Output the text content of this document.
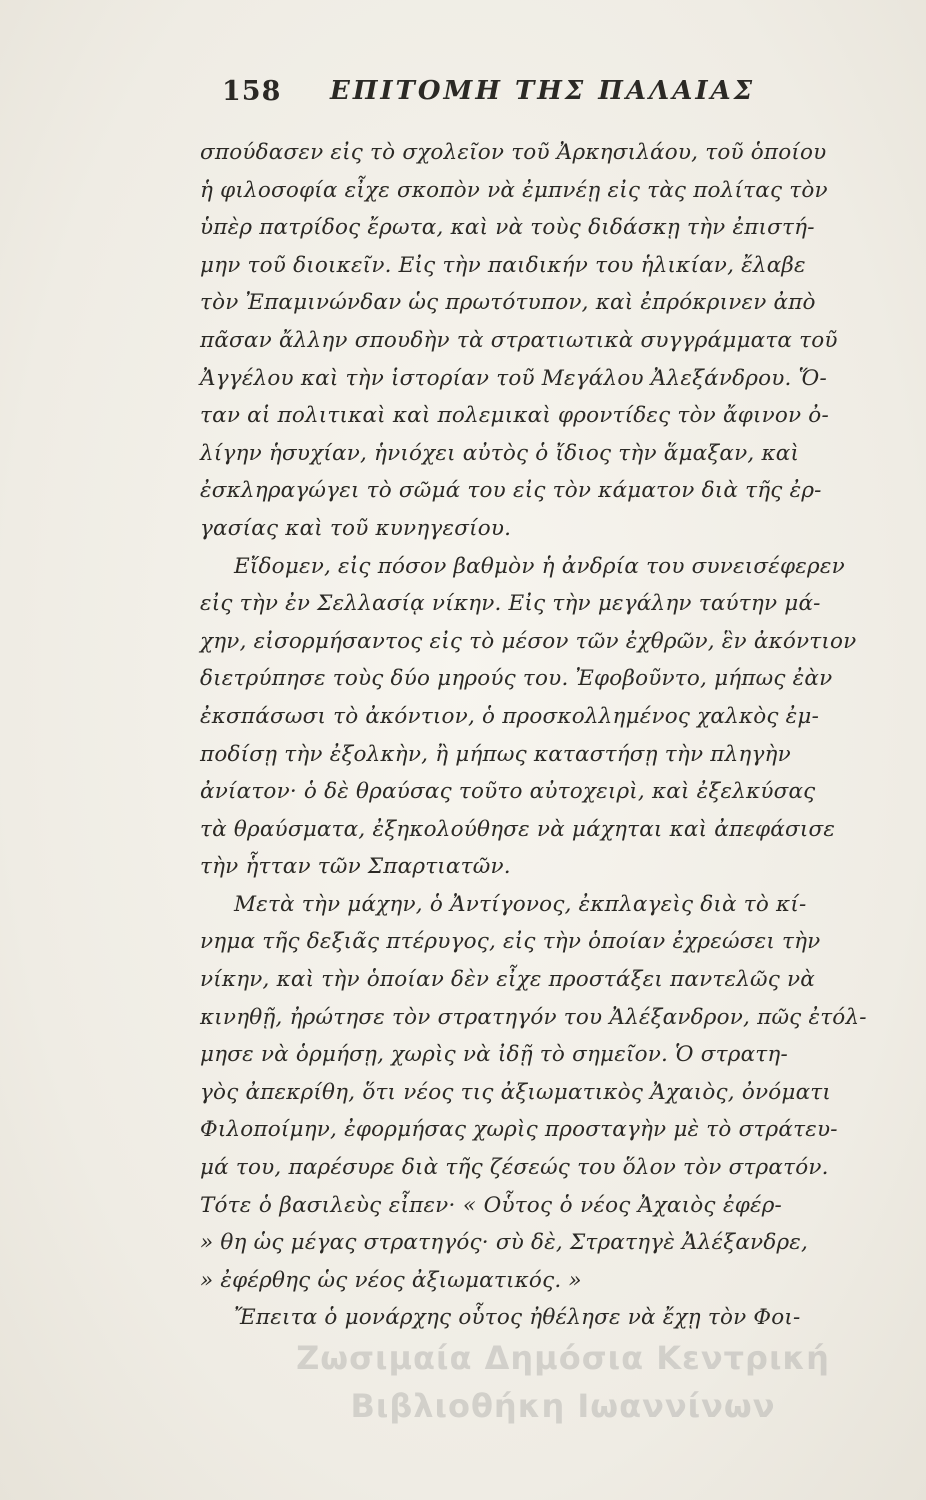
158 ΕΠΙΤΟΜΗ ΤΗΣ ΠΑΛΑΙΑΣ
σπούδασεν εἰς τὸ σχολεῖον τοῦ Ἀρκησιλάου, τοῦ ὁποίου
ἡ φιλοσοφία εἶχε σκοπὸν νὰ ἐμπνέῃ εἰς τὰς πολίτας τὸν
ὑπὲρ πατρίδος ἔρωτα, καὶ νὰ τοὺς διδάσκῃ τὴν ἐπιστή-
μην τοῦ διοικεῖν. Εἰς τὴν παιδικήν του ἡλικίαν, ἔλαβε
τὸν Ἐπαμινώνδαν ὡς πρωτότυπον, καὶ ἐπρόκρινεν ἀπὸ
πᾶσαν ἄλλην σπουδὴν τὰ στρατιωτικὰ συγγράμματα τοῦ
Ἀγγέλου καὶ τὴν ἱστορίαν τοῦ Μεγάλου Ἀλεξάνδρου. Ὅ-
ταν αἱ πολιτικαὶ καὶ πολεμικαὶ φροντίδες τὸν ἄφινον ὀ-
λίγην ἡσυχίαν, ἡνιόχει αὐτὸς ὁ ἴδιος τὴν ἅμαξαν, καὶ
ἐσκληραγώγει τὸ σῶμά του εἰς τὸν κάματον διὰ τῆς ἐρ-
γασίας καὶ τοῦ κυνηγεσίου.
Εἴδομεν, εἰς πόσον βαθμὸν ἡ ἀνδρία του συνεισέφερεν
εἰς τὴν ἐν Σελλασίᾳ νίκην. Εἰς τὴν μεγάλην ταύτην μά-
χην, εἰσορμήσαντος εἰς τὸ μέσον τῶν ἐχθρῶν, ἓν ἀκόντιον
διετρύπησε τοὺς δύο μηρούς του. Ἐφοβοῦντο, μήπως ἐὰν
ἐκσπάσωσι τὸ ἀκόντιον, ὁ προσκολλημένος χαλκὸς ἐμ-
ποδίσῃ τὴν ἐξολκὴν, ἢ μήπως καταστήσῃ τὴν πληγὴν
ἀνίατον· ὁ δὲ θραύσας τοῦτο αὐτοχειρὶ, καὶ ἐξελκύσας
τὰ θραύσματα, ἐξηκολούθησε νὰ μάχηται καὶ ἀπεφάσισε
τὴν ἧτταν τῶν Σπαρτιατῶν.
Μετὰ τὴν μάχην, ὁ Ἀντίγονος, ἐκπλαγεὶς διὰ τὸ κί-
νημα τῆς δεξιᾶς πτέρυγος, εἰς τὴν ὁποίαν ἐχρεώσει τὴν
νίκην, καὶ τὴν ὁποίαν δὲν εἶχε προστάξει παντελῶς νὰ
κινηθῇ, ἠρώτησε τὸν στρατηγόν του Ἀλέξανδρον, πῶς ἐτόλ-
μησε νὰ ὁρμήσῃ, χωρὶς νὰ ἰδῇ τὸ σημεῖον. Ὁ στρατη-
γὸς ἀπεκρίθη, ὅτι νέος τις ἀξιωματικὸς Ἀχαιὸς, ὀνόματι
Φιλοποίμην, ἐφορμήσας χωρὶς προσταγὴν μὲ τὸ στράτευ-
μά του, παρέσυρε διὰ τῆς ζέσεώς του ὅλον τὸν στρατόν.
Τότε ὁ βασιλεὺς εἶπεν· « Οὗτος ὁ νέος Ἀχαιὸς ἐφέρ-
» θη ὡς μέγας στρατηγός· σὺ δὲ, Στρατηγὲ Ἀλέξανδρε,
» ἐφέρθης ὡς νέος ἀξιωματικός. »
Ἔπειτα ὁ μονάρχης οὗτος ἠθέλησε νὰ ἔχῃ τὸν Φοι-
Ζωσιμαία Δημόσια Κεντρική
Βιβλιοθήκη Ιωαννίνων
